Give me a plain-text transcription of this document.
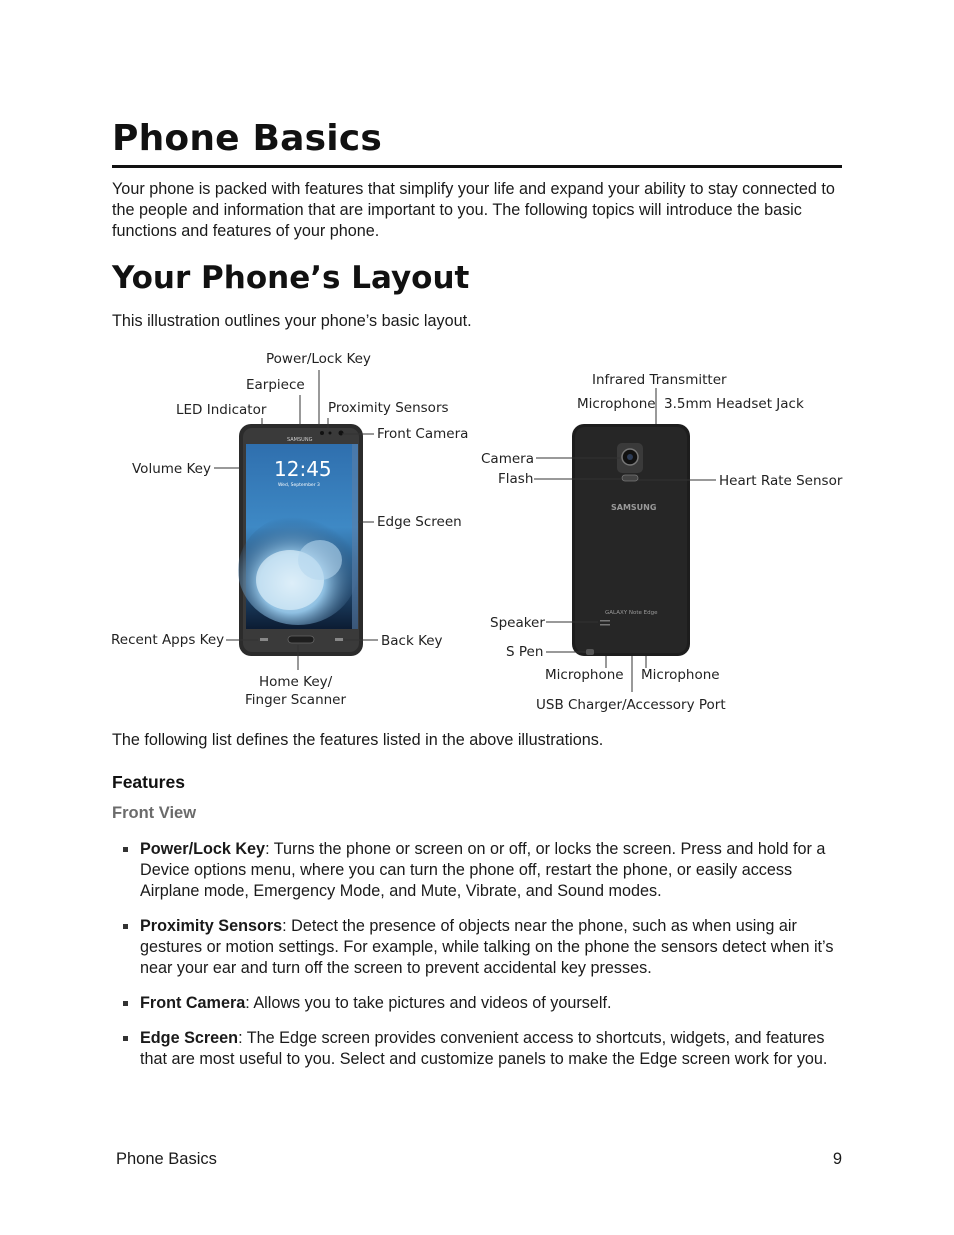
Phone Basics

Your phone is packed with features that simplify your life and expand your ability to stay connected to the people and information that are important to you. The following topics will introduce the basic functions and features of your phone.

Your Phone’s Layout

This illustration outlines your phone’s basic layout.

12:45
Wed, September 3
SAMSUNG
SAMSUNG
GALAXY Note Edge
Power/Lock Key
Earpiece
LED Indicator	Proximity Sensors
Front Camera
Volume Key
Edge Screen
Recent Apps Key	Back Key
Home Key/
Finger Scanner
Infrared Transmitter
Microphone 3.5mm Headset Jack
Camera
Flash	Heart Rate Sensor
Speaker
S Pen
Microphone Microphone
USB Charger/Accessory Port

The following list defines the features listed in the above illustrations.

Features
Front View
Power/Lock Key: Turns the phone or screen on or off, or locks the screen. Press and hold for a Device options menu, where you can turn the phone off, restart the phone, or easily access Airplane mode, Emergency Mode, and Mute, Vibrate, and Sound modes.
Proximity Sensors: Detect the presence of objects near the phone, such as when using air gestures or motion settings. For example, while talking on the phone the sensors detect when it’s near your ear and turn off the screen to prevent accidental key presses.
Front Camera: Allows you to take pictures and videos of yourself.
Edge Screen: The Edge screen provides convenient access to shortcuts, widgets, and features that are most useful to you. Select and customize panels to make the Edge screen work for you.
Phone Basics	9
